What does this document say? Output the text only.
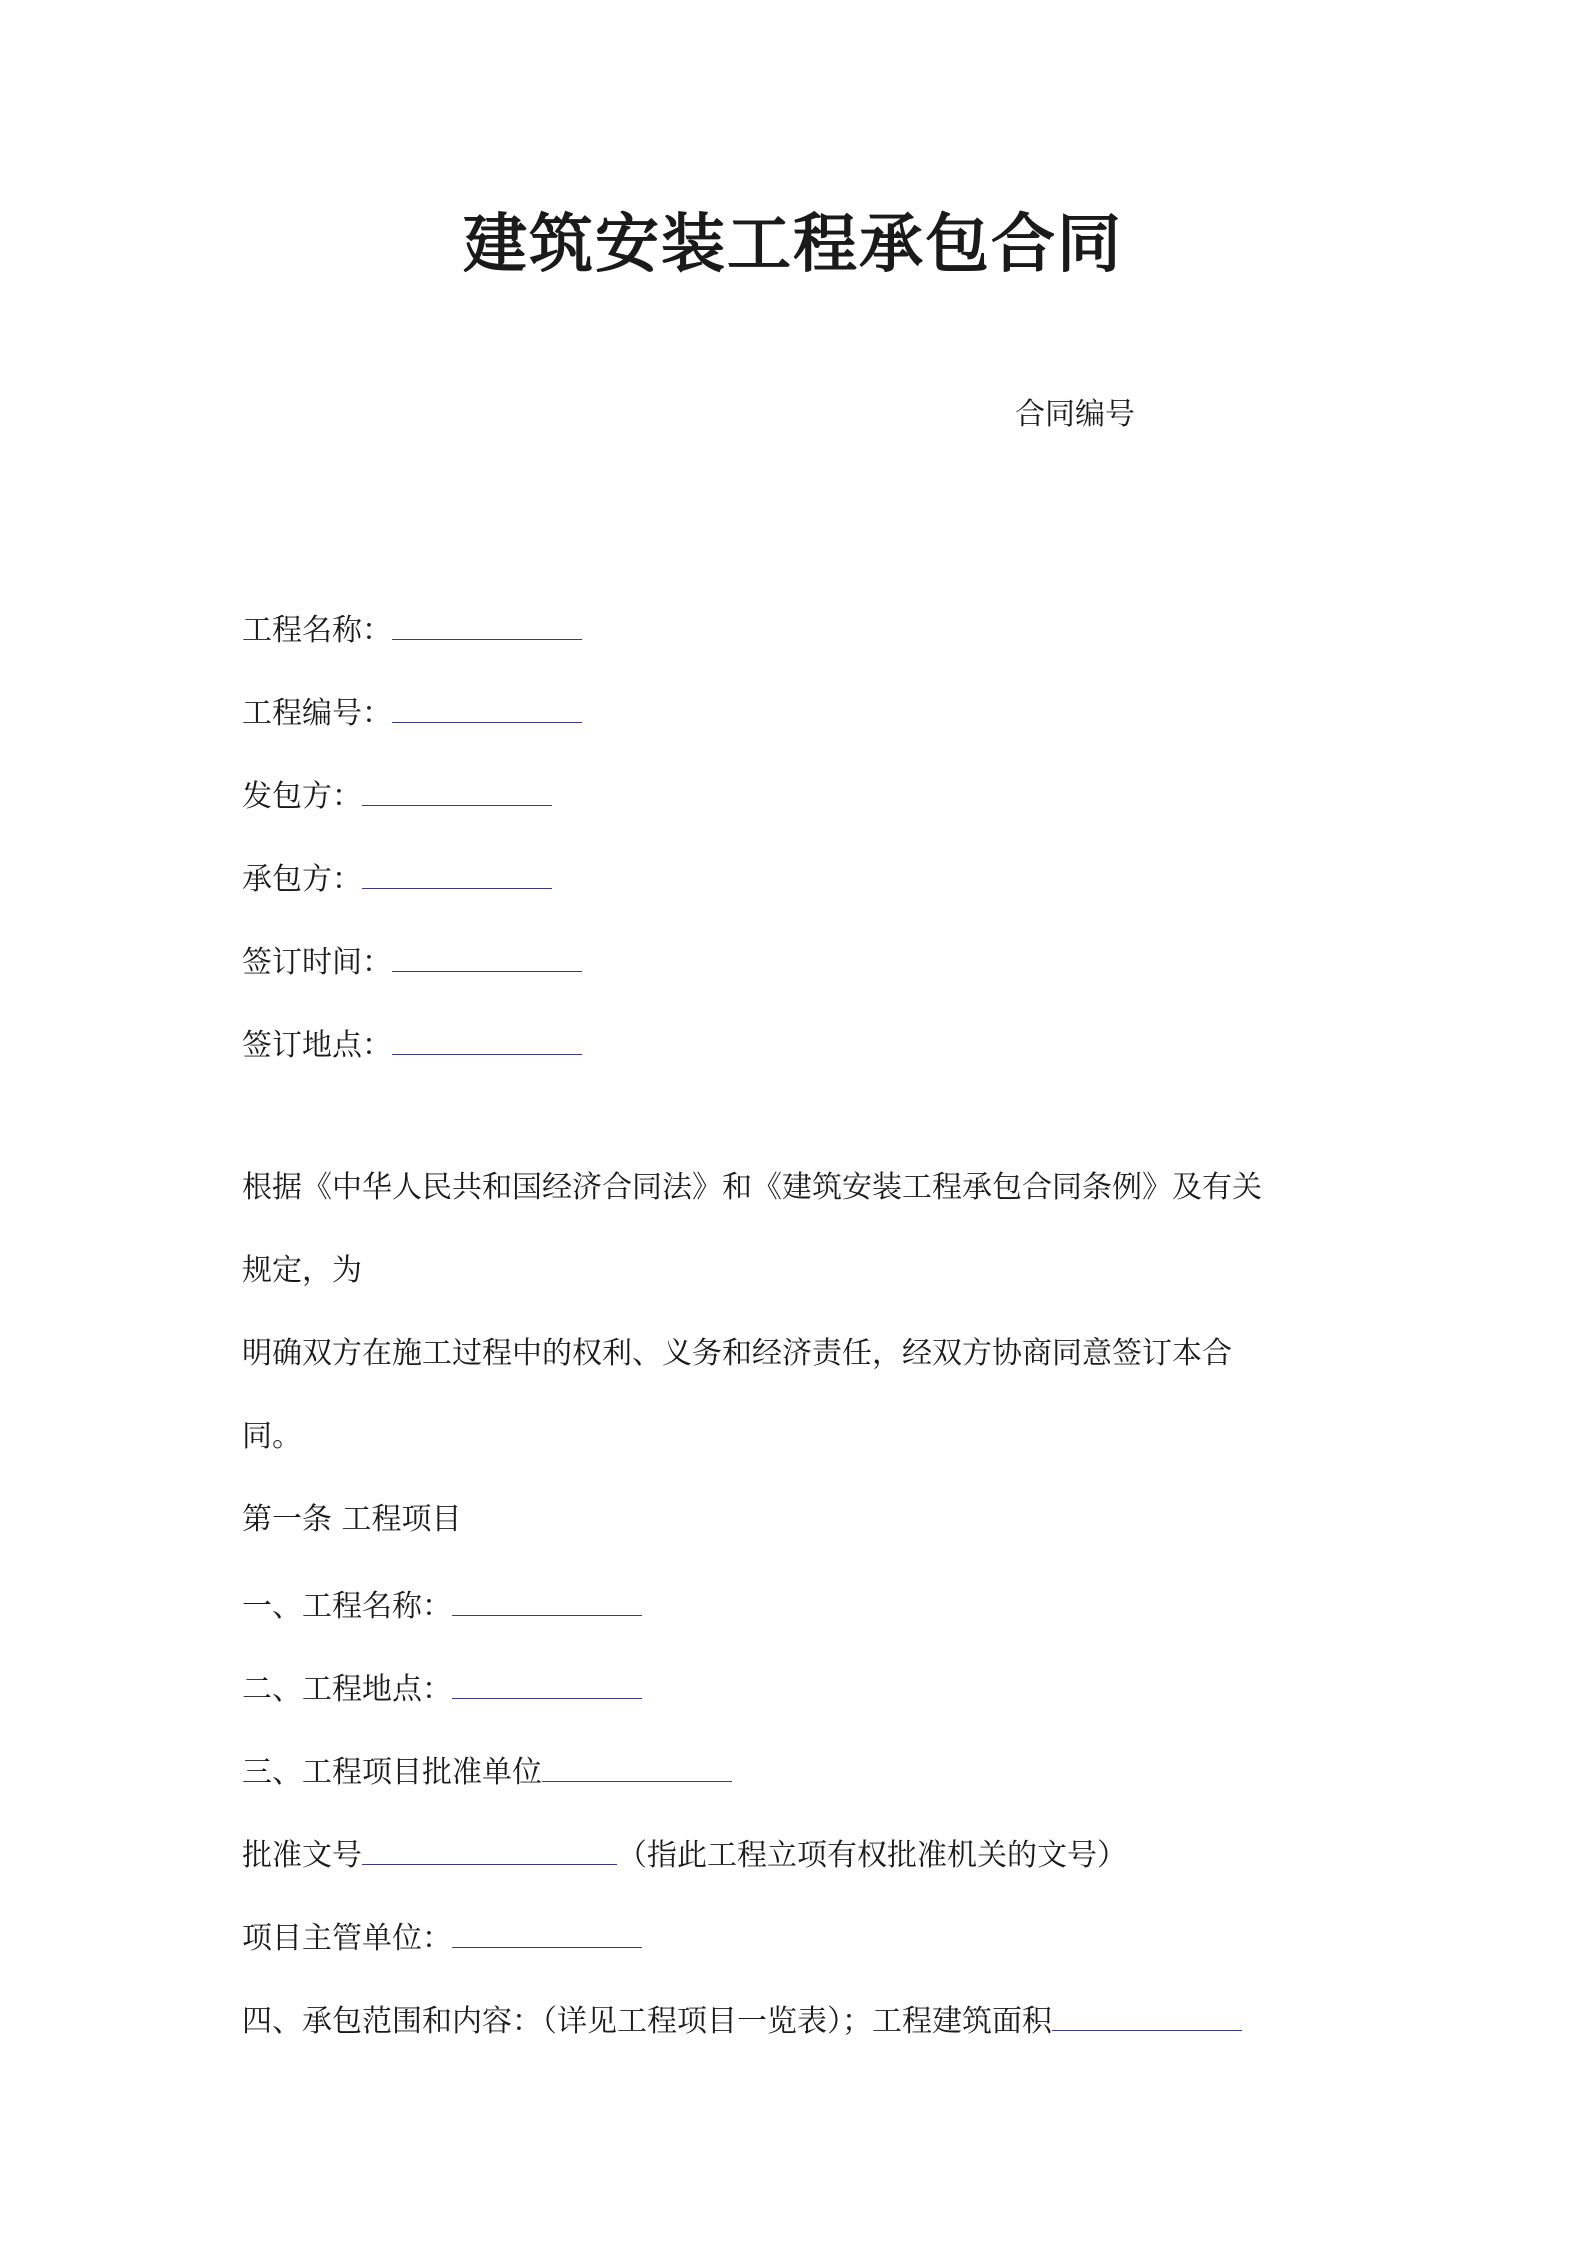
建筑安装工程承包合同
合同编号
工程名称：
工程编号：
发包方：
承包方：
签订时间：
签订地点：
根据《中华人民共和国经济合同法》和《建筑安装工程承包合同条例》及有关
规定，为
明确双方在施工过程中的权利、义务和经济责任，经双方协商同意签订本合
同。
第一条 工程项目
一、工程名称：
二、工程地点：
三、工程项目批准单位
批准文号	（指此工程立项有权批准机关的文号）
项目主管单位：
四、承包范围和内容：（详见工程项目一览表）；工程建筑面积
